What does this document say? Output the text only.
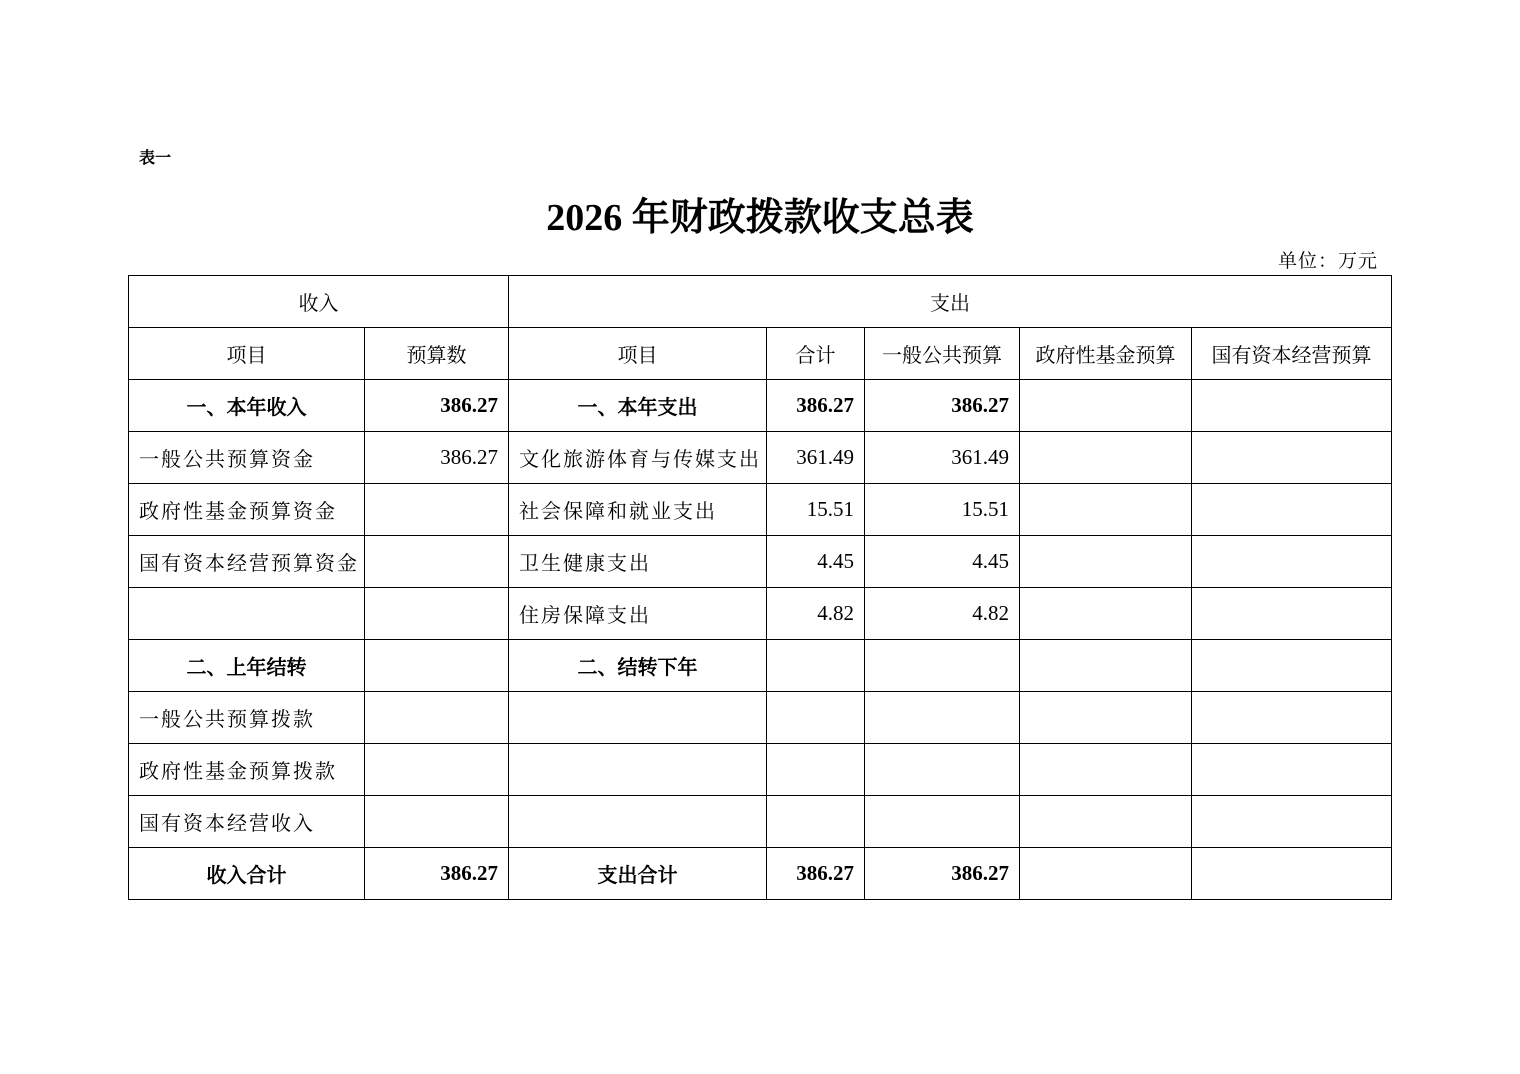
表一
2026 年财政拨款收支总表
单位：万元
收入		支出				
项目	预算数	项目	合计	一般公共预算	政府性基金预算	国有资本经营预算
一、本年收入	386.27	一、本年支出	386.27	386.27		
一般公共预算资金	386.27	文化旅游体育与传媒支出	361.49	361.49		
政府性基金预算资金		社会保障和就业支出	15.51	15.51		
国有资本经营预算资金		卫生健康支出	4.45	4.45		
		住房保障支出	4.82	4.82		
二、上年结转		二、结转下年				
一般公共预算拨款						
政府性基金预算拨款						
国有资本经营收入						
收入合计	386.27	支出合计	386.27	386.27		
